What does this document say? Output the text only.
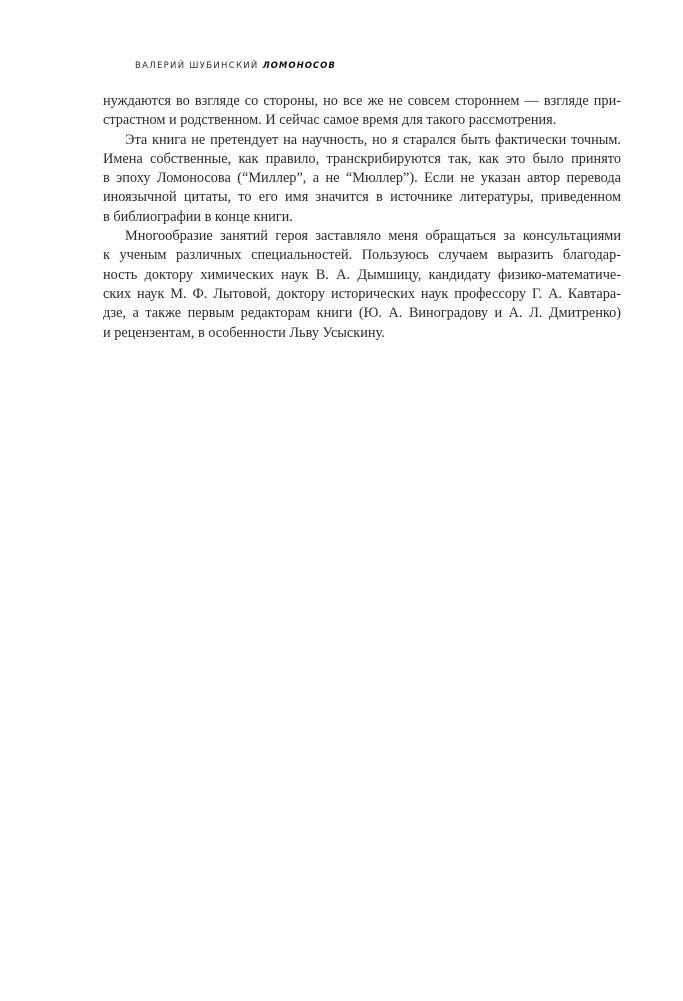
ВАЛЕРИЙ ШУБИНСКИЙ ЛОМОНОСОВ
нуждаются во взгляде со стороны, но все же не совсем стороннем — взгляде при-
страстном и родственном. И сейчас самое время для такого рассмотрения.
Эта книга не претендует на научность, но я старался быть фактически точным.
Имена собственные, как правило, транскрибируются так, как это было принято
в эпоху Ломоносова (“Миллер”, а не “Мюллер”). Если не указан автор перевода
иноязычной цитаты, то его имя значится в источнике литературы, приведенном
в библиографии в конце книги.
Многообразие занятий героя заставляло меня обращаться за консультациями
к ученым различных специальностей. Пользуюсь случаем выразить благодар-
ность доктору химических наук В. А. Дымшицу, кандидату физико-математиче-
ских наук М. Ф. Лытовой, доктору исторических наук профессору Г. А. Кавтара-
дзе, а также первым редакторам книги (Ю. А. Виноградову и А. Л. Дмитренко)
и рецензентам, в особенности Льву Усыскину.
